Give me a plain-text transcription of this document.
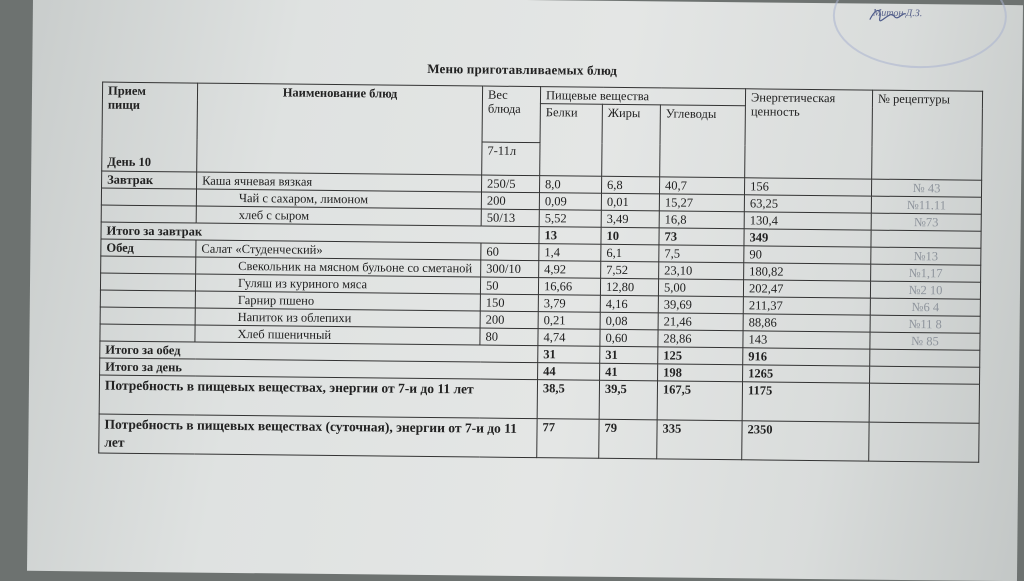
Митон Д.З.
Меню приготавливаемых блюд
Прием пищи
День 10	Наименование блюд	Вес блюда	Пищевые вещества			Энергетическая ценность	№ рецептуры
			Белки	Жиры	Углеводы		
		7-11л					
Завтрак	Каша ячневая вязкая	250/5	8,0	6,8	40,7	156	№ 43
	Чай с сахаром, лимоном	200	0,09	0,01	15,27	63,25	№11.11
	хлеб с сыром	50/13	5,52	3,49	16,8	130,4	№73
Итого за завтрак			13	10	73	349	
Обед	Салат «Студенческий»	60	1,4	6,1	7,5	90	№13
	Свекольник на мясном бульоне со сметаной	300/10	4,92	7,52	23,10	180,82	№1,17
	Гуляш из куриного мяса	50	16,66	12,80	5,00	202,47	№2 10
	Гарнир пшено	150	3,79	4,16	39,69	211,37	№6 4
	Напиток из облепихи	200	0,21	0,08	21,46	88,86	№11 8
	Хлеб пшеничный	80	4,74	0,60	28,86	143	№ 85
Итого за обед			31	31	125	916	
Итого за день			44	41	198	1265	
Потребность в пищевых веществах, энергии от 7-и до 11 лет			38,5	39,5	167,5	1175	
Потребность в пищевых веществах (суточная), энергии от 7-и до 11 лет			77	79	335	2350	
